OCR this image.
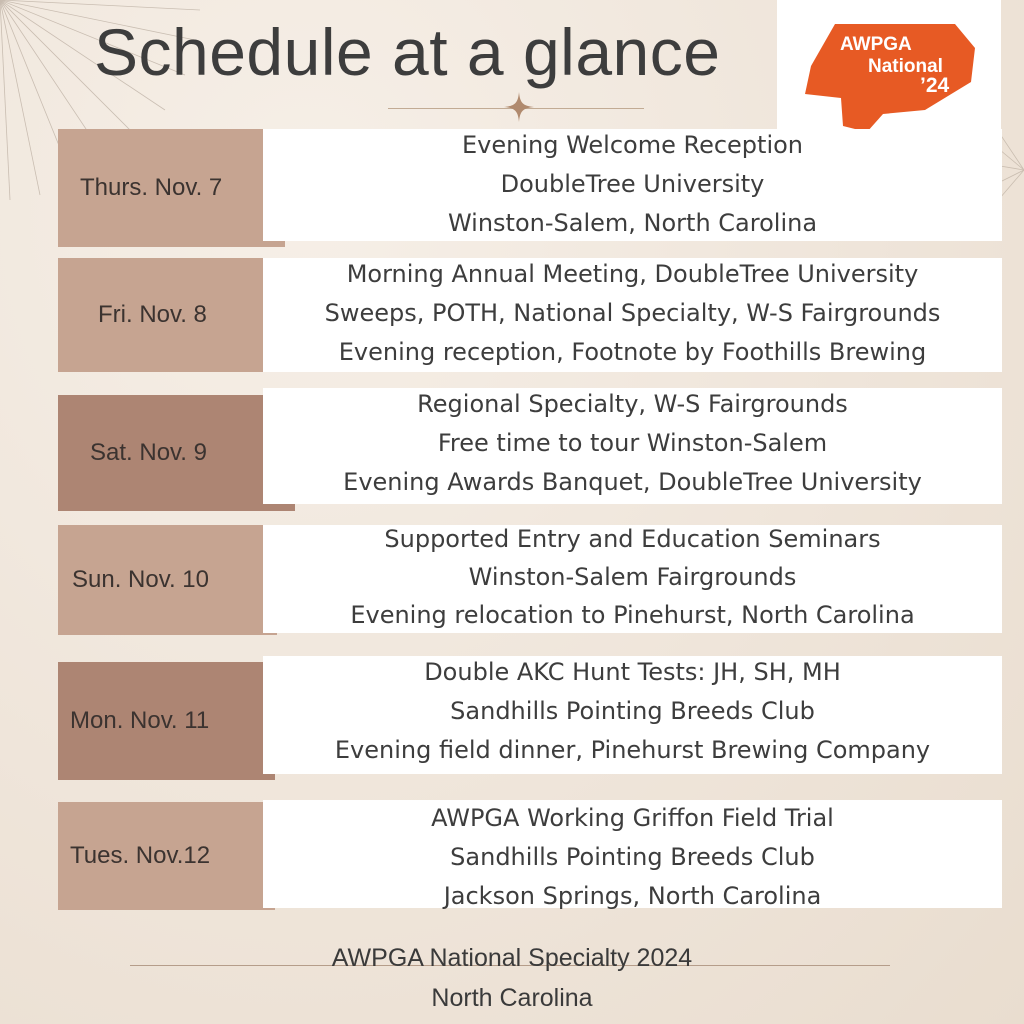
Schedule at a glance	AWPGA
National
’24
Thurs. Nov. 7
Evening Welcome Reception
DoubleTree University
Winston-Salem, North Carolina
Fri. Nov. 8
Morning Annual Meeting, DoubleTree University
Sweeps, POTH, National Specialty, W-S Fairgrounds
Evening reception, Footnote by Foothills Brewing
Sat. Nov. 9
Regional Specialty, W-S Fairgrounds
Free time to tour Winston-Salem
Evening Awards Banquet, DoubleTree University
Sun. Nov. 10
Supported Entry and Education Seminars
Winston-Salem Fairgrounds
Evening relocation to Pinehurst, North Carolina
Mon. Nov. 11
Double AKC Hunt Tests: JH, SH, MH
Sandhills Pointing Breeds Club
Evening field dinner, Pinehurst Brewing Company
Tues. Nov.12
AWPGA Working Griffon Field Trial
Sandhills Pointing Breeds Club
Jackson Springs, North Carolina
AWPGA National Specialty 2024
North Carolina
